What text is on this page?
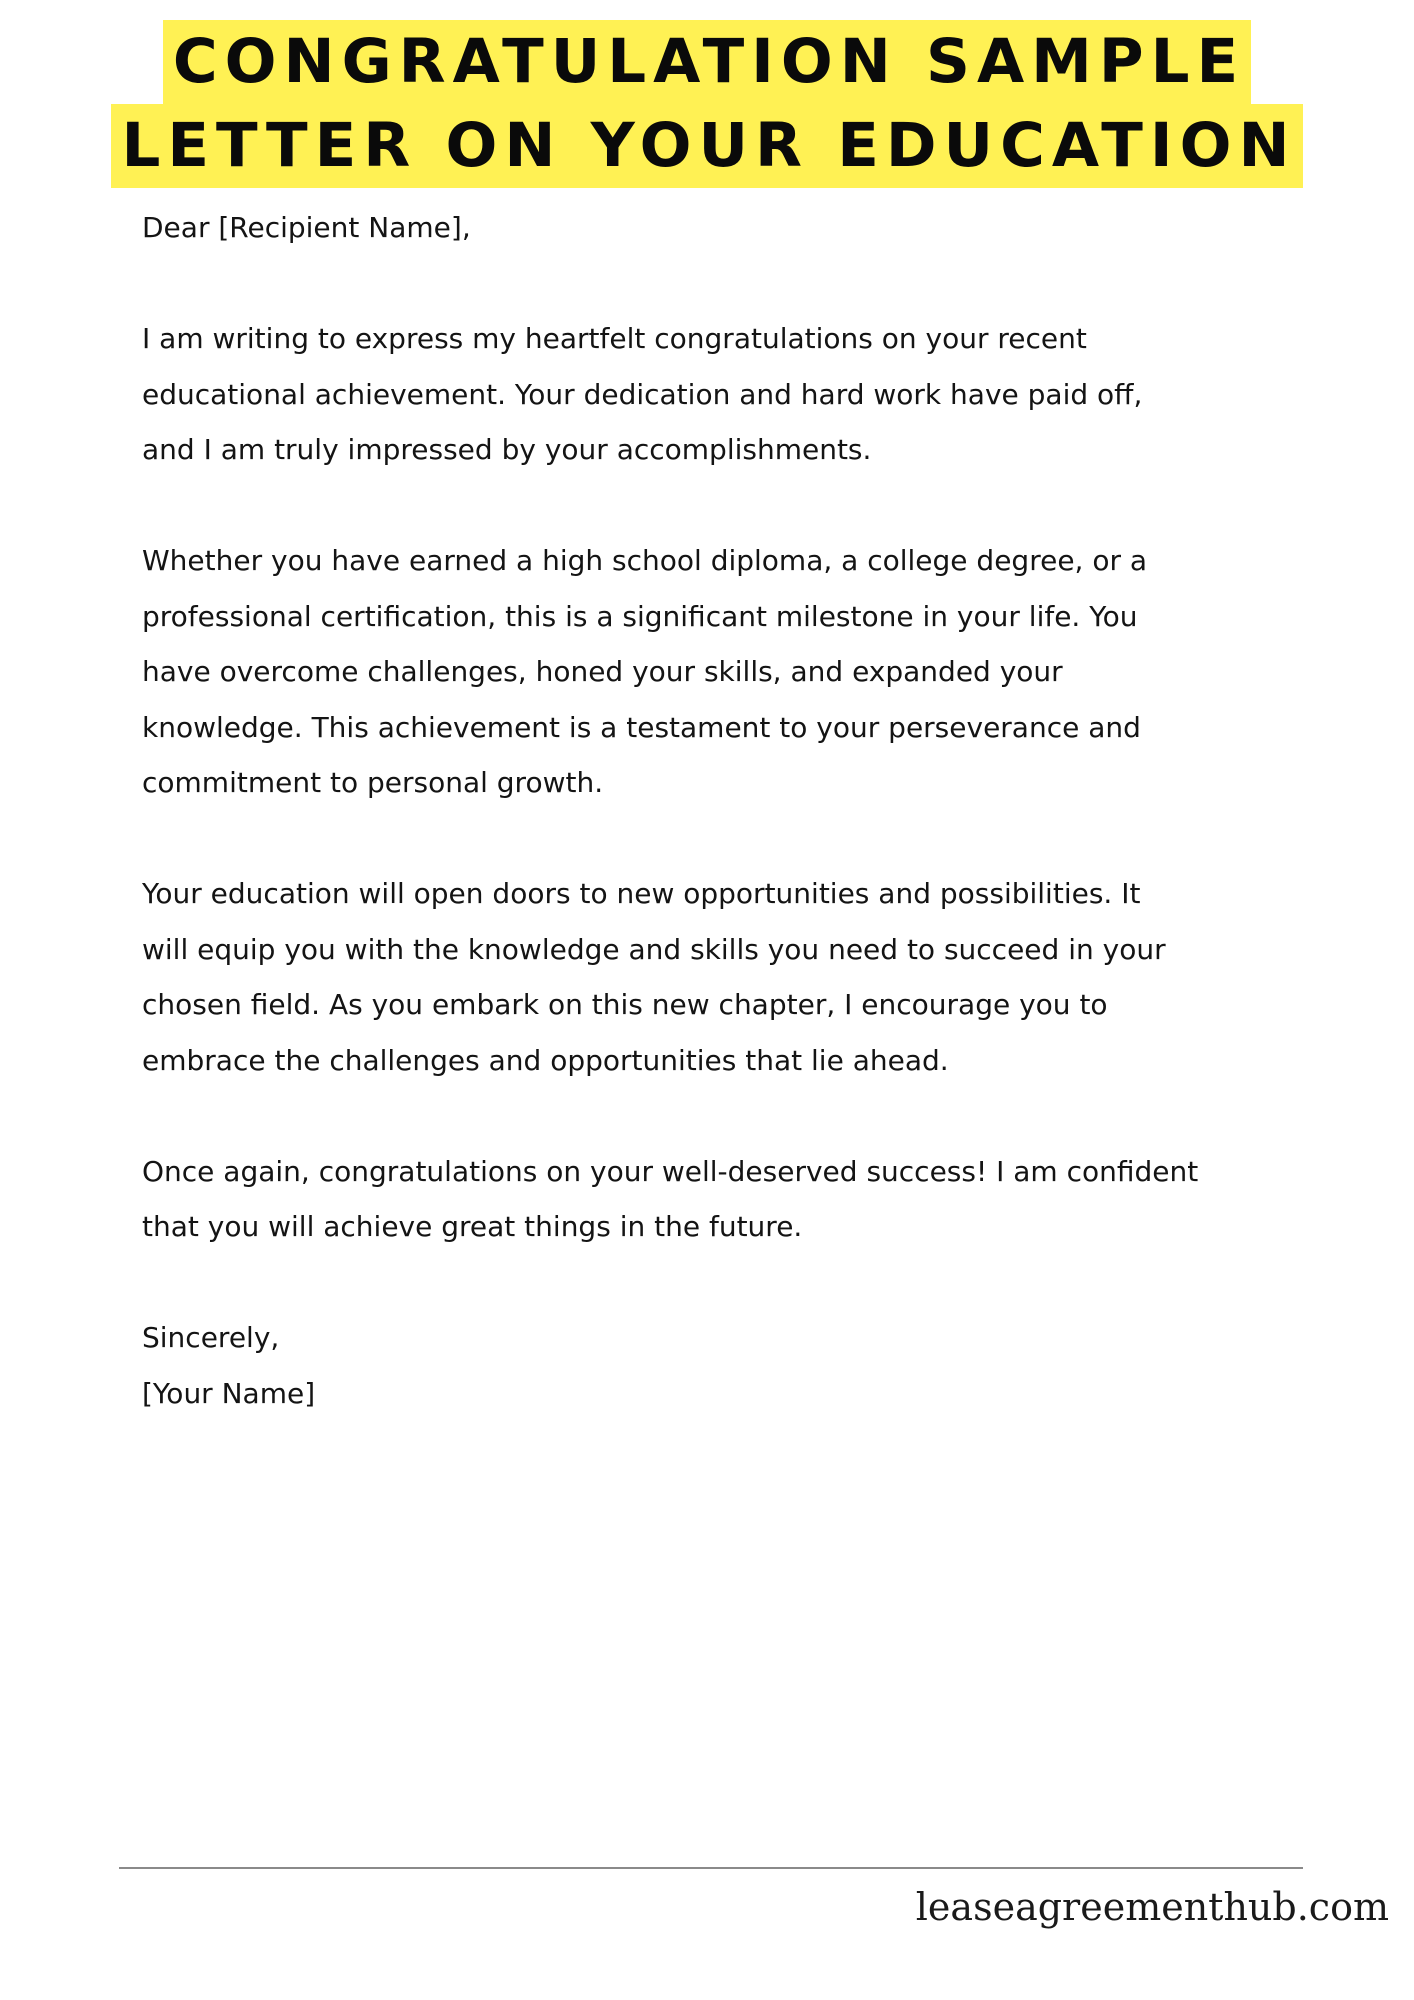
CONGRATULATION SAMPLE
LETTER ON YOUR EDUCATION

Dear [Recipient Name],

I am writing to express my heartfelt congratulations on your recent
educational achievement. Your dedication and hard work have paid off,
and I am truly impressed by your accomplishments.

Whether you have earned a high school diploma, a college degree, or a
professional certification, this is a significant milestone in your life. You
have overcome challenges, honed your skills, and expanded your
knowledge. This achievement is a testament to your perseverance and
commitment to personal growth.

Your education will open doors to new opportunities and possibilities. It
will equip you with the knowledge and skills you need to succeed in your
chosen field. As you embark on this new chapter, I encourage you to
embrace the challenges and opportunities that lie ahead.

Once again, congratulations on your well-deserved success! I am confident
that you will achieve great things in the future.

Sincerely,
[Your Name]

leaseagreementhub.com
